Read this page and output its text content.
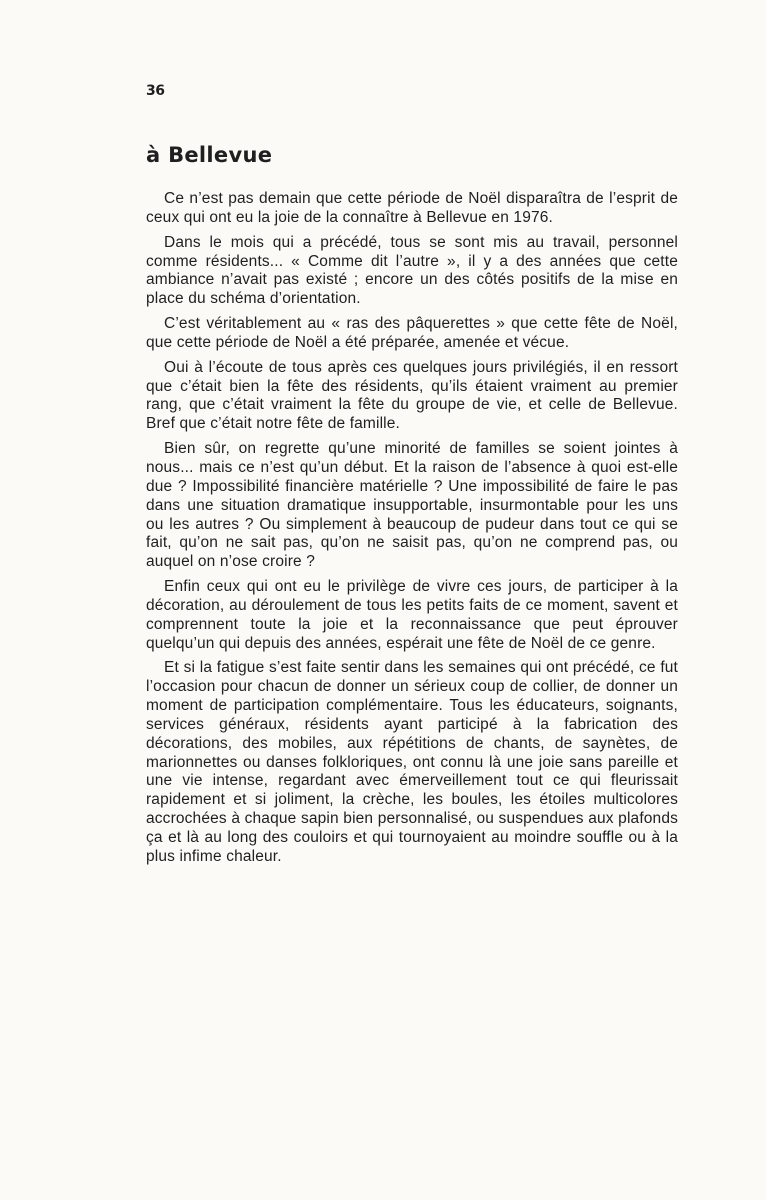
36
à Bellevue

Ce n’est pas demain que cette période de Noël disparaîtra de l’esprit de ceux qui ont eu la joie de la connaître à Bellevue en 1976.

Dans le mois qui a précédé, tous se sont mis au travail, personnel comme résidents... « Comme dit l’autre », il y a des années que cette ambiance n’avait pas existé ; encore un des côtés positifs de la mise en place du schéma d’orientation.

C’est véritablement au « ras des pâquerettes » que cette fête de Noël, que cette période de Noël a été préparée, amenée et vécue.

Oui à l’écoute de tous après ces quelques jours privilégiés, il en ressort que c’était bien la fête des résidents, qu’ils étaient vraiment au premier rang, que c’était vraiment la fête du groupe de vie, et celle de Bellevue. Bref que c’était notre fête de famille.

Bien sûr, on regrette qu’une minorité de familles se soient jointes à nous... mais ce n’est qu’un début. Et la raison de l’absence à quoi est-elle due ? Impossibilité financière matérielle ? Une impossibilité de faire le pas dans une situation dramatique insupportable, insurmontable pour les uns ou les autres ? Ou simplement à beaucoup de pudeur dans tout ce qui se fait, qu’on ne sait pas, qu’on ne saisit pas, qu’on ne comprend pas, ou auquel on n’ose croire ?

Enfin ceux qui ont eu le privilège de vivre ces jours, de participer à la décoration, au déroulement de tous les petits faits de ce moment, savent et comprennent toute la joie et la reconnaissance que peut éprouver quelqu’un qui depuis des années, espérait une fête de Noël de ce genre.

Et si la fatigue s’est faite sentir dans les semaines qui ont précédé, ce fut l’occasion pour chacun de donner un sérieux coup de collier, de donner un moment de participation complémentaire. Tous les éducateurs, soignants, services généraux, résidents ayant participé à la fabrication des décorations, des mobiles, aux répétitions de chants, de saynètes, de marionnettes ou danses folkloriques, ont connu là une joie sans pareille et une vie intense, regardant avec émerveillement tout ce qui fleurissait rapidement et si joliment, la crèche, les boules, les étoiles multicolores accrochées à chaque sapin bien personnalisé, ou suspendues aux plafonds ça et là au long des couloirs et qui tournoyaient au moindre souffle ou à la plus infime chaleur.
